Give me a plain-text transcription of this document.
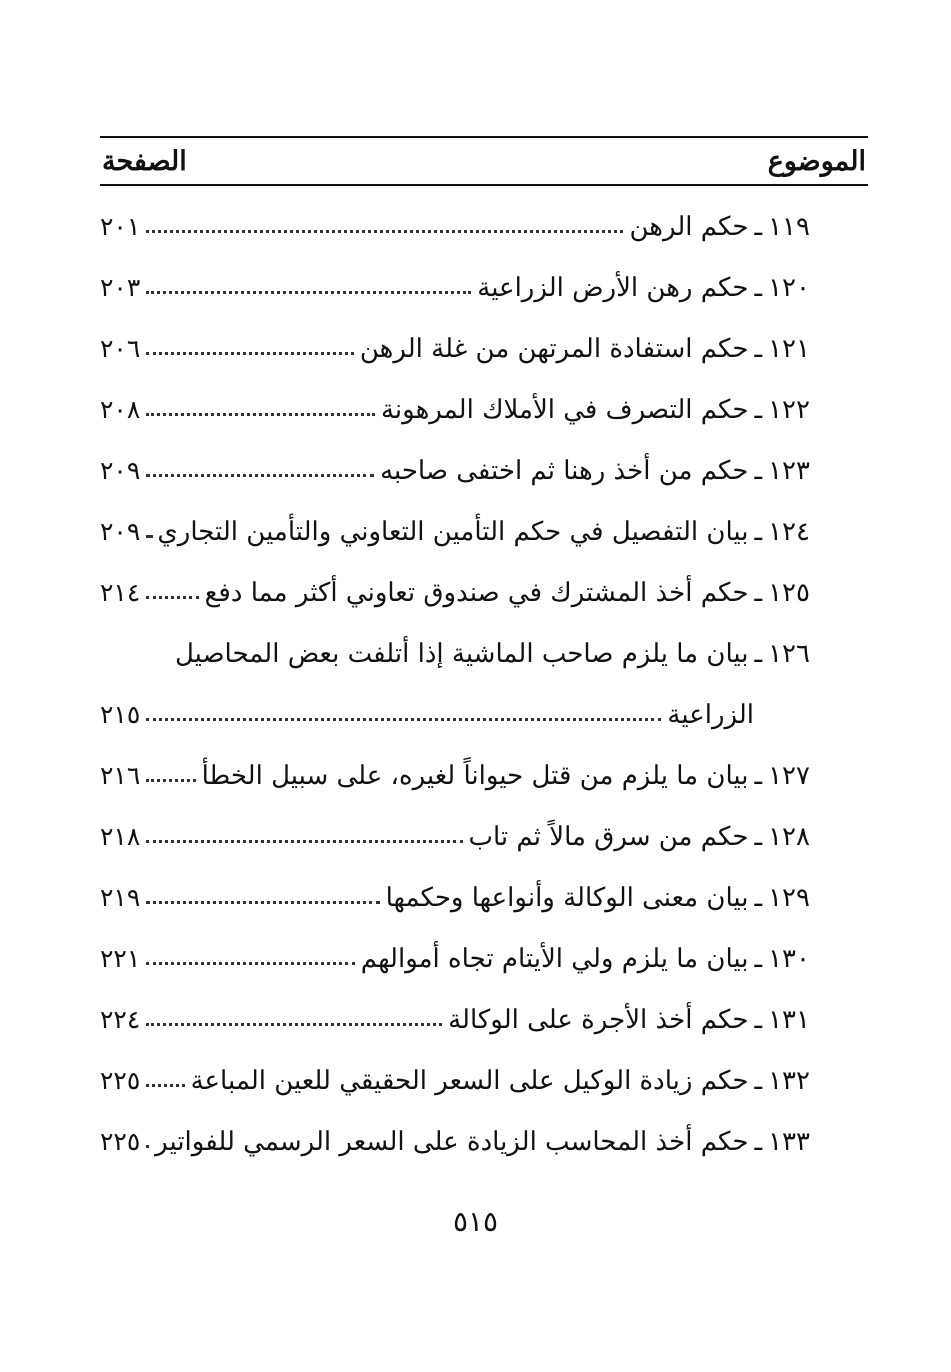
الموضوع
الصفحة
١١٩
ـ
حكم الرهن
٢٠١
١٢٠
ـ
حكم رهن الأرض الزراعية
٢٠٣
١٢١
ـ
حكم استفادة المرتهن من غلة الرهن
٢٠٦
١٢٢
ـ
حكم التصرف في الأملاك المرهونة
٢٠٨
١٢٣
ـ
حكم من أخذ رهنا ثم اختفى صاحبه
٢٠٩
١٢٤
ـ
بيان التفصيل في حكم التأمين التعاوني والتأمين التجاري
٢٠٩
١٢٥
ـ
حكم أخذ المشترك في صندوق تعاوني أكثر مما دفع
٢١٤
١٢٦
ـ
بيان ما يلزم صاحب الماشية إذا أتلفت بعض المحاصيل
الزراعية
٢١٥
١٢٧
ـ
بيان ما يلزم من قتل حيواناً لغيره، على سبيل الخطأ
٢١٦
١٢٨
ـ
حكم من سرق مالاً ثم تاب
٢١٨
١٢٩
ـ
بيان معنى الوكالة وأنواعها وحكمها
٢١٩
١٣٠
ـ
بيان ما يلزم ولي الأيتام تجاه أموالهم
٢٢١
١٣١
ـ
حكم أخذ الأجرة على الوكالة
٢٢٤
١٣٢
ـ
حكم زيادة الوكيل على السعر الحقيقي للعين المباعة
٢٢٥
١٣٣
ـ
حكم أخذ المحاسب الزيادة على السعر الرسمي للفواتير
٢٢٥
٥١٥
